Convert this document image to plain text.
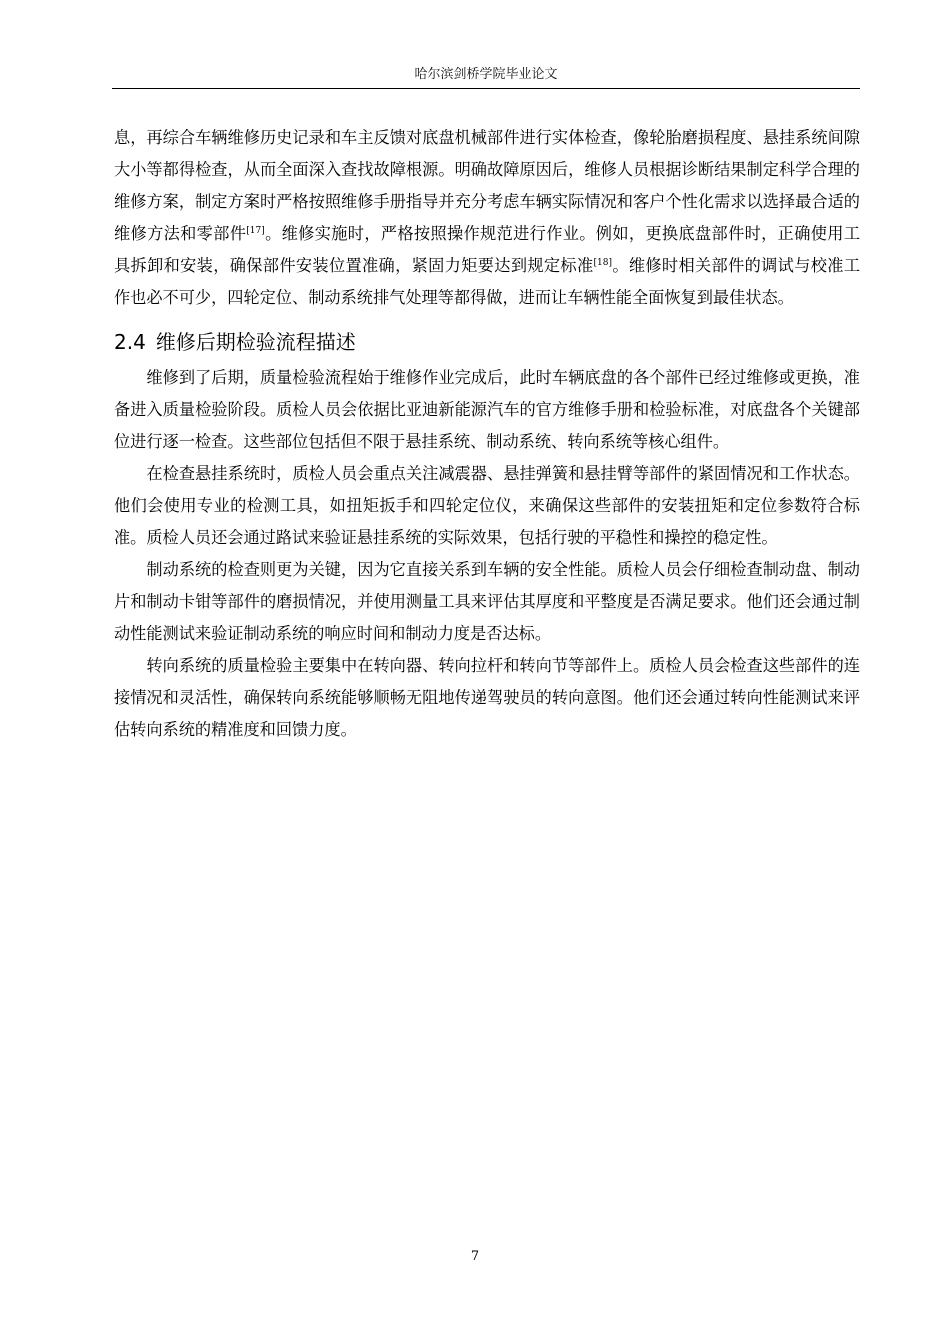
哈尔滨剑桥学院毕业论文

息，再综合车辆维修历史记录和车主反馈对底盘机械部件进行实体检查，像轮胎磨损程度、悬挂系统间隙大小等都得检查，从而全面深入查找故障根源。明确故障原因后，维修人员根据诊断结果制定科学合理的维修方案，制定方案时严格按照维修手册指导并充分考虑车辆实际情况和客户个性化需求以选择最合适的维修方法和零部件[17]。维修实施时，严格按照操作规范进行作业。例如，更换底盘部件时，正确使用工具拆卸和安装，确保部件安装位置准确，紧固力矩要达到规定标准[18]。维修时相关部件的调试与校准工作也必不可少，四轮定位、制动系统排气处理等都得做，进而让车辆性能全面恢复到最佳状态。

2.4 维修后期检验流程描述

维修到了后期，质量检验流程始于维修作业完成后，此时车辆底盘的各个部件已经过维修或更换，准备进入质量检验阶段。质检人员会依据比亚迪新能源汽车的官方维修手册和检验标准，对底盘各个关键部位进行逐一检查。这些部位包括但不限于悬挂系统、制动系统、转向系统等核心组件。

在检查悬挂系统时，质检人员会重点关注减震器、悬挂弹簧和悬挂臂等部件的紧固情况和工作状态。他们会使用专业的检测工具，如扭矩扳手和四轮定位仪，来确保这些部件的安装扭矩和定位参数符合标准。质检人员还会通过路试来验证悬挂系统的实际效果，包括行驶的平稳性和操控的稳定性。

制动系统的检查则更为关键，因为它直接关系到车辆的安全性能。质检人员会仔细检查制动盘、制动片和制动卡钳等部件的磨损情况，并使用测量工具来评估其厚度和平整度是否满足要求。他们还会通过制动性能测试来验证制动系统的响应时间和制动力度是否达标。

转向系统的质量检验主要集中在转向器、转向拉杆和转向节等部件上。质检人员会检查这些部件的连接情况和灵活性，确保转向系统能够顺畅无阻地传递驾驶员的转向意图。他们还会通过转向性能测试来评估转向系统的精准度和回馈力度。

7
